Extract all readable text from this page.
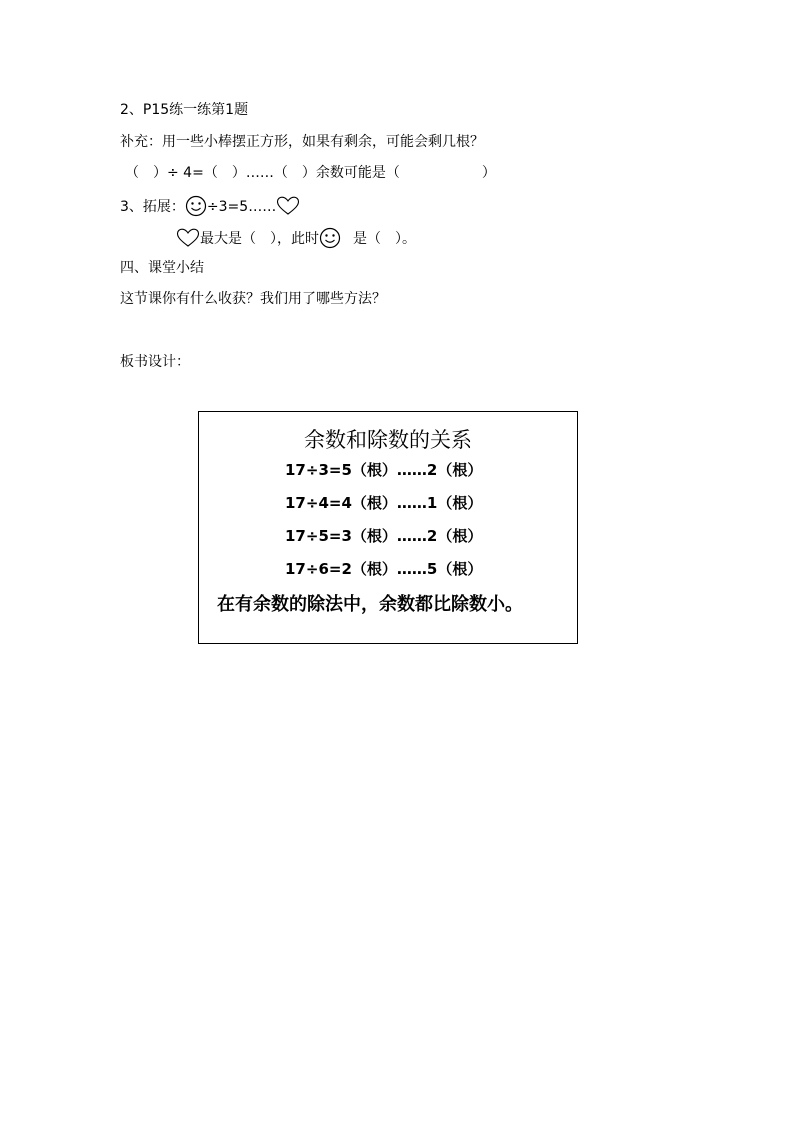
2、P15练一练第1题
补充：用一些小棒摆正方形，如果有剩余，可能会剩几根？
（　）÷ 4=（　）……（　）余数可能是（	）
3、拓展： ÷3=5……
最大是（　），此时 是（　）。
四、课堂小结
这节课你有什么收获？我们用了哪些方法？
板书设计：
余数和除数的关系
17÷3=5（根）……2（根）
17÷4=4（根）……1（根）
17÷5=3（根）……2（根）
17÷6=2（根）……5（根）
在有余数的除法中，余数都比除数小。
